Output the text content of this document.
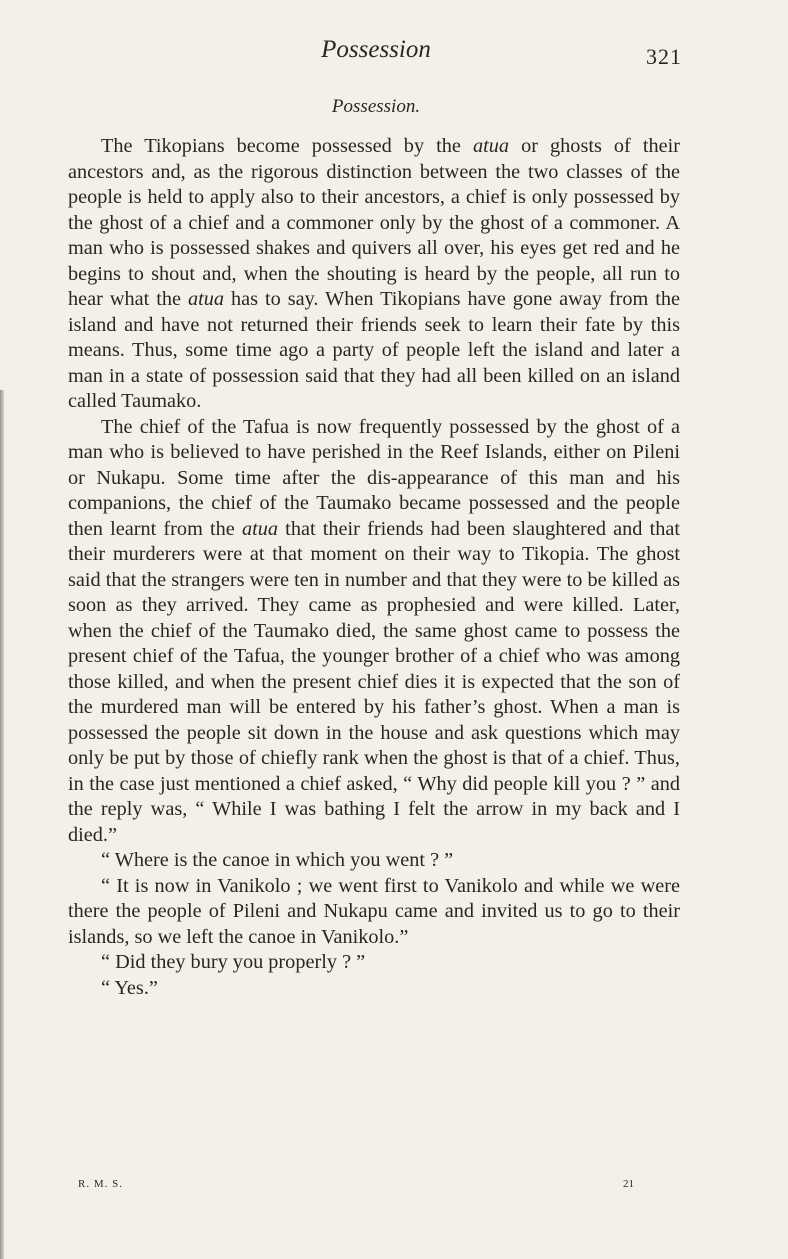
Possession	321
Possession.

The Tikopians become possessed by the atua or ghosts of their ancestors and, as the rigorous distinction between the two classes of the people is held to apply also to their ancestors, a chief is only possessed by the ghost of a chief and a commoner only by the ghost of a commoner. A man who is possessed shakes and quivers all over, his eyes get red and he begins to shout and, when the shouting is heard by the people, all run to hear what the atua has to say. When Tikopians have gone away from the island and have not returned their friends seek to learn their fate by this means. Thus, some time ago a party of people left the island and later a man in a state of possession said that they had all been killed on an island called Taumako.

The chief of the Tafua is now frequently possessed by the ghost of a man who is believed to have perished in the Reef Islands, either on Pileni or Nukapu. Some time after the dis-appearance of this man and his companions, the chief of the Taumako became possessed and the people then learnt from the atua that their friends had been slaughtered and that their murderers were at that moment on their way to Tikopia. The ghost said that the strangers were ten in number and that they were to be killed as soon as they arrived. They came as prophesied and were killed. Later, when the chief of the Taumako died, the same ghost came to possess the present chief of the Tafua, the younger brother of a chief who was among those killed, and when the present chief dies it is expected that the son of the murdered man will be entered by his father’s ghost. When a man is possessed the people sit down in the house and ask questions which may only be put by those of chiefly rank when the ghost is that of a chief. Thus, in the case just mentioned a chief asked, “ Why did people kill you ? ” and the reply was, “ While I was bathing I felt the arrow in my back and I died.”

“ Where is the canoe in which you went ? ”

“ It is now in Vanikolo ; we went first to Vanikolo and while we were there the people of Pileni and Nukapu came and invited us to go to their islands, so we left the canoe in Vanikolo.”

“ Did they bury you properly ? ”

“ Yes.”

R. M. S.	21
